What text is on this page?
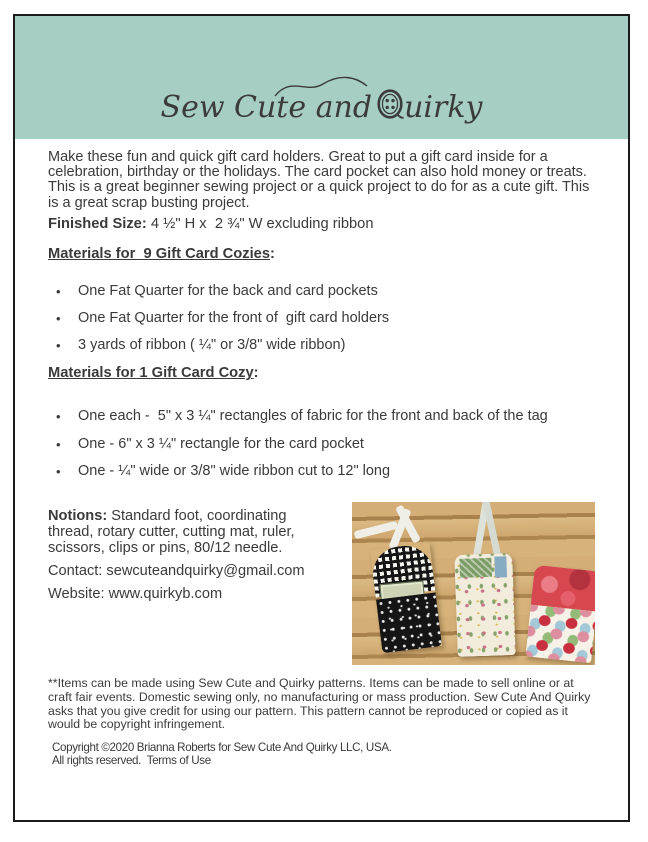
Sew Cute and uirky

Make these fun and quick gift card holders. Great to put a gift card inside for a celebration, birthday or the holidays. The card pocket can also hold money or treats. This is a great beginner sewing project or a quick project to do for as a cute gift. This is a great scrap busting project.

Finished Size: 4 ½" H x  2 ¾" W excluding ribbon

Materials for  9 Gift Card Cozies:

• One Fat Quarter for the back and card pockets
• One Fat Quarter for the front of  gift card holders
• 3 yards of ribbon ( ¼" or 3/8" wide ribbon)

Materials for 1 Gift Card Cozy:

• One each -  5" x 3 ¼" rectangles of fabric for the front and back of the tag
• One - 6" x 3 ¼" rectangle for the card pocket
• One - ¼" wide or 3/8" wide ribbon cut to 12" long

Notions: Standard foot, coordinating
thread, rotary cutter, cutting mat, ruler,
scissors, clips or pins, 80/12 needle.

Contact: sewcuteandquirky@gmail.com

Website: www.quirkyb.com

**Items can be made using Sew Cute and Quirky patterns. Items can be made to sell online or at craft fair events. Domestic sewing only, no manufacturing or mass production. Sew Cute And Quirky asks that you give credit for using our pattern. This pattern cannot be reproduced or copied as it would be copyright infringement.

Copyright ©2020 Brianna Roberts for Sew Cute And Quirky LLC, USA.
All rights reserved.  Terms of Use
